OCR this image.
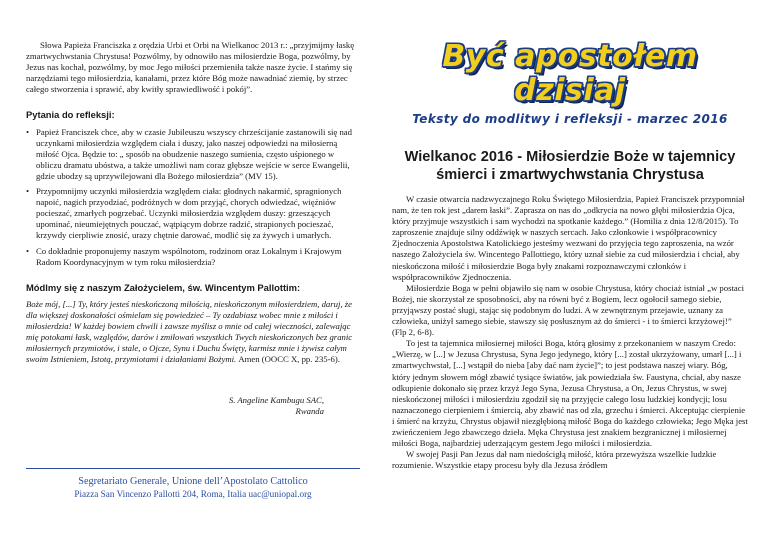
Słowa Papieża Franciszka z orędzia Urbi et Orbi na Wielkanoc 2013 r.: „przyjmijmy łaskę zmartwychwstania Chrystusa! Pozwólmy, by odnowiło nas miłosierdzie Boga, pozwólmy, by Jezus nas kochał, pozwólmy, by moc Jego miłości przemieniła także nasze życie. I stańmy się narzędziami tego miłosierdzia, kanałami, przez które Bóg może nawadniać ziemię, by strzec całego stworzenia i sprawić, aby kwitły sprawiedliwość i pokój”.

Pytania do refleksji:
• Papież Franciszek chce, aby w czasie Jubileuszu wszyscy chrześcijanie zastanowili się nad uczynkami miłosierdzia względem ciała i duszy, jako naszej odpowiedzi na miłosierną miłość Ojca. Będzie to: „ sposób na obudzenie naszego sumienia, często uśpionego w obliczu dramatu ubóstwa, a także umożliwi nam coraz głębsze wejście w serce Ewangelii, gdzie ubodzy są uprzywilejowani dla Bożego miłosierdzia” (MV 15).
• Przypomnijmy uczynki miłosierdzia względem ciała: głodnych nakarmić, spragnionych napoić, nagich przyodziać, podróżnych w dom przyjąć, chorych odwiedzać, więźniów pocieszać, zmarłych pogrzebać. Uczynki miłosierdzia względem duszy: grzeszących upominać, nieumiejętnych pouczać, wątpiącym dobrze radzić, strapionych pocieszać, krzywdy cierpliwie znosić, urazy chętnie darować, modlić się za żywych i umarłych.
• Co dokładnie proponujemy naszym wspólnotom, rodzinom oraz Lokalnym i Krajowym Radom Koordynacyjnym w tym roku miłosierdzia?
Módlmy się z naszym Założycielem, św. Wincentym Pallottim:

Boże mój, [...] Ty, który jesteś nieskończoną miłością, nieskończonym miłosierdziem, daruj, że dla większej doskonałości ośmielam się powiedzieć – Ty ozdabiasz wobec mnie z miłości i miłosierdzia! W każdej bowiem chwili i zawsze myślisz o mnie od całej wieczności, zalewając mię potokami łask, względów, darów i zmiłowań wszystkich Twych nieskończonych bez granic miłosiernych przymiotów, i stale, o Ojcze, Synu i Duchu Święty, karmisz mnie i żywisz całym swoim Istnieniem, Istotą, przymiotami i działaniami Bożymi. Amen (OOCC X, pp. 235-6).

S. Angeline Kambugu SAC,
Rwanda
Segretariato Generale, Unione dell’Apostolato Cattolico
Piazza San Vincenzo Pallotti 204, Roma, Italia uac@uniopal.org
Być apostołem dzisiaj
Teksty do modlitwy i refleksji - marzec 2016
Wielkanoc 2016 - Miłosierdzie Boże w tajemnicy śmierci i zmartwychwstania Chrystusa

W czasie otwarcia nadzwyczajnego Roku Świętego Miłosierdzia, Papież Franciszek przypomniał nam, że ten rok jest „darem łaski”. Zaprasza on nas do „odkrycia na nowo głębi miłosierdzia Ojca, który przyjmuje wszystkich i sam wychodzi na spotkanie każdego.” (Homilia z dnia 12/8/2015). To zaproszenie znajduje silny oddźwięk w naszych sercach. Jako członkowie i współpracownicy Zjednoczenia Apostolstwa Katolickiego jesteśmy wezwani do przyjęcia tego zaproszenia, na wzór naszego Założyciela św. Wincentego Pallottiego, który uznał siebie za cud miłosierdzia i chciał, aby nieskończona miłość i miłosierdzie Boga były znakami rozpoznawczymi członków i współpracowników Zjednoczenia.

Miłosierdzie Boga w pełni objawiło się nam w osobie Chrystusa, który chociaż istniał „w postaci Bożej, nie skorzystał ze sposobności, aby na równi być z Bogiem, lecz ogołocił samego siebie, przyjąwszy postać sługi, stając się podobnym do ludzi. A w zewnętrznym przejawie, uznany za człowieka, uniżył samego siebie, stawszy się posłusznym aż do śmierci - i to śmierci krzyżowej!” (Flp 2, 6-8).

To jest ta tajemnica miłosiernej miłości Boga, którą głosimy z przekonaniem w naszym Credo: „Wierzę, w [...] w Jezusa Chrystusa, Syna Jego jedynego, który [...] został ukrzyżowany, umarł [...] i zmartwychwstał, [...] wstąpił do nieba [aby dać nam życie]”; to jest podstawa naszej wiary. Bóg, który jednym słowem mógł zbawić tysiące światów, jak powiedziała św. Faustyna, chciał, aby nasze odkupienie dokonało się przez krzyż Jego Syna, Jezusa Chrystusa, a On, Jezus Chrystus, w swej nieskończonej miłości i miłosierdziu zgodził się na przyjęcie całego losu ludzkiej kondycji; losu naznaczonego cierpieniem i śmiercią, aby zbawić nas od zła, grzechu i śmierci. Akceptując cierpienie i śmierć na krzyżu, Chrystus objawił niezgłębioną miłość Boga do każdego człowieka; Jego Męka jest zwieńczeniem Jego zbawczego dzieła. Męka Chrystusa jest znakiem bezgranicznej i miłosiernej miłości Boga, najbardziej uderzającym gestem Jego miłości i miłosierdzia.

W swojej Pasji Pan Jezus dał nam niedościgłą miłość, która przewyższa wszelkie ludzkie rozumienie. Wszystkie etapy procesu były dla Jezusa źródłem
